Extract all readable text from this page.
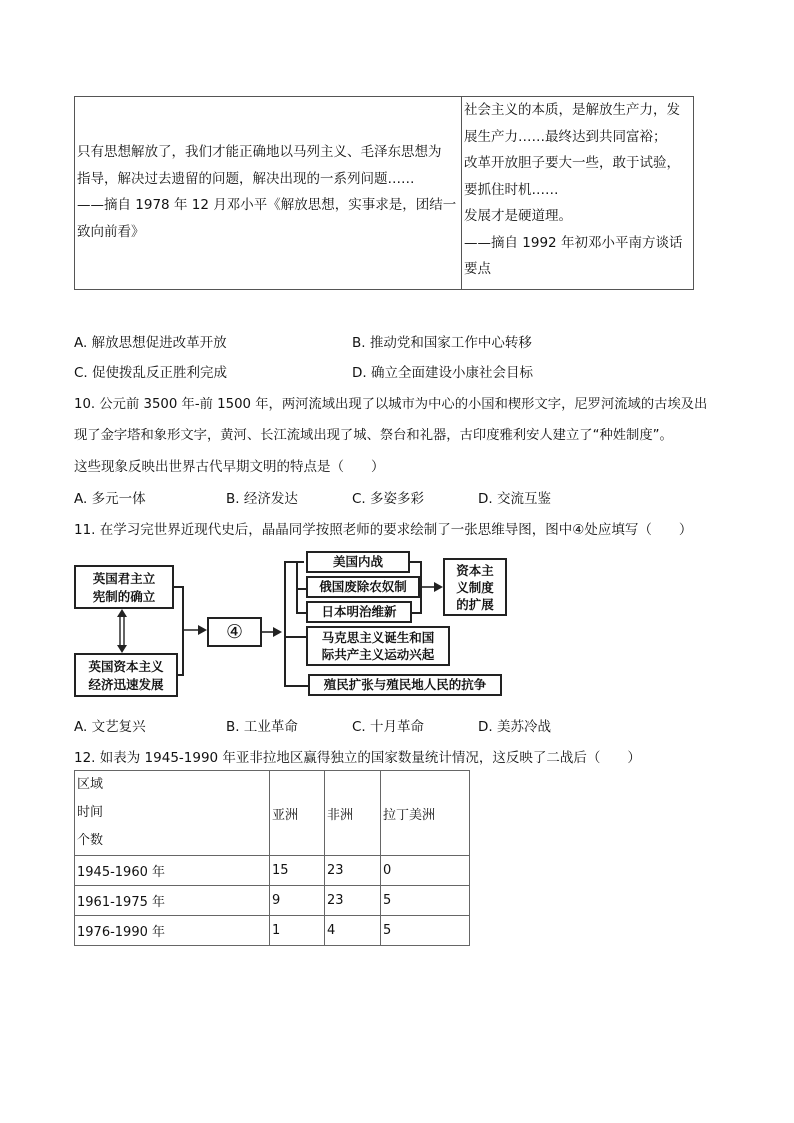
只有思想解放了，我们才能正确地以马列主义、毛泽东思想为
指导，解决过去遗留的问题，解决出现的一系列问题……
——摘自 1978 年 12 月邓小平《解放思想，实事求是，团结一
致向前看》
社会主义的本质，是解放生产力，发
展生产力……最终达到共同富裕；
改革开放胆子要大一些，敢于试验，
要抓住时机……
发展才是硬道理。
——摘自 1992 年初邓小平南方谈话
要点
A. 解放思想促进改革开放	B. 推动党和国家工作中心转移
C. 促使拨乱反正胜利完成	D. 确立全面建设小康社会目标
10. 公元前 3500 年-前 1500 年，两河流域出现了以城市为中心的小国和楔形文字，尼罗河流域的古埃及出
现了金字塔和象形文字，黄河、长江流域出现了城、祭台和礼器，古印度雅利安人建立了“种姓制度”。
这些现象反映出世界古代早期文明的特点是（　　）
A. 多元一体	B. 经济发达	C. 多姿多彩	D. 交流互鉴
11. 在学习完世界近现代史后，晶晶同学按照老师的要求绘制了一张思维导图，图中④处应填写（　　）
英国君主立
宪制的确立
英国资本主义
经济迅速发展
④
美国内战
俄国废除农奴制
日本明治维新
资本主
义制度
的扩展
马克思主义诞生和国
际共产主义运动兴起
殖民扩张与殖民地人民的抗争
A. 文艺复兴	B. 工业革命	C. 十月革命	D. 美苏冷战
12. 如表为 1945-1990 年亚非拉地区赢得独立的国家数量统计情况，这反映了二战后（　　）
区域
时间
个数	亚洲	非洲	拉丁美洲
1945-1960 年	15	23	0
1961-1975 年	9	23	5
1976-1990 年	1	4	5
